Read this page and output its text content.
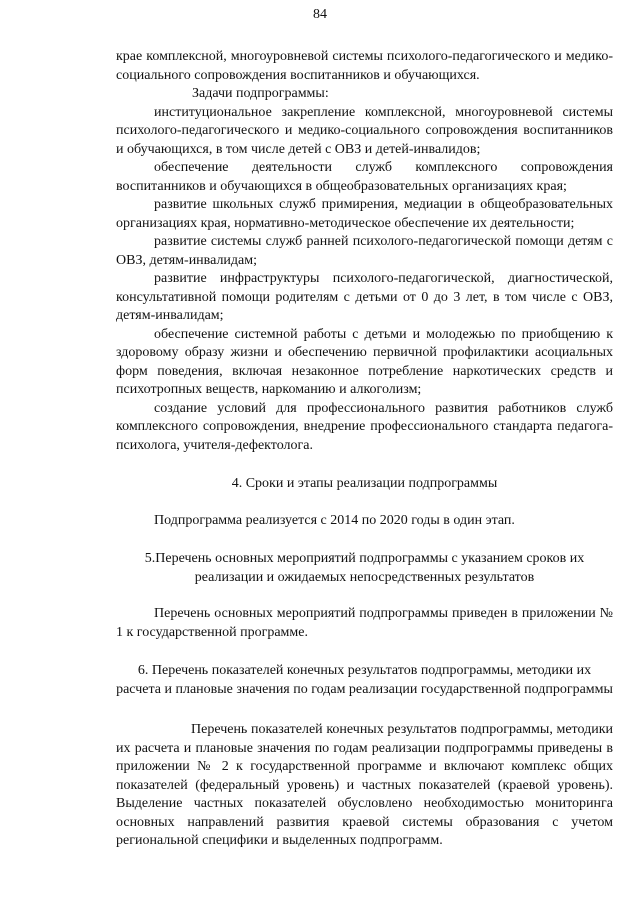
84

крае комплексной, многоуровневой системы психолого-педагогического и медико-социального сопровождения воспитанников и обучающихся.

Задачи подпрограммы:

институциональное закрепление комплексной, многоуровневой системы психолого-педагогического и медико-социального сопровождения воспитанников и обучающихся, в том числе детей с ОВЗ и детей-инвалидов;

обеспечение деятельности служб комплексного сопровождения воспитанников и обучающихся в общеобразовательных организациях края;

развитие школьных служб примирения, медиации в общеобразовательных организациях края, нормативно-методическое обеспечение их деятельности;

развитие системы служб ранней психолого-педагогической помощи детям с ОВЗ, детям-инвалидам;

развитие инфраструктуры психолого-педагогической, диагностической, консультативной помощи родителям с детьми от 0 до 3 лет, в том числе с ОВЗ, детям-инвалидам;

обеспечение системной работы с детьми и молодежью по приобщению к здоровому образу жизни и обеспечению первичной профилактики асоциальных форм поведения, включая незаконное потребление наркотических средств и психотропных веществ, наркоманию и алкоголизм;

создание условий для профессионального развития работников служб комплексного сопровождения, внедрение профессионального стандарта педагога-психолога, учителя-дефектолога.

4. Сроки и этапы реализации подпрограммы

Подпрограмма реализуется с 2014 по 2020 годы в один этап.

5.Перечень основных мероприятий подпрограммы с указанием сроков их реализации и ожидаемых непосредственных результатов

Перечень основных мероприятий подпрограммы приведен в приложении № 1 к государственной программе.

6. Перечень показателей конечных результатов подпрограммы, методики их расчета и плановые значения по годам реализации государственной подпрограммы

Перечень показателей конечных результатов подпрограммы, методики их расчета и плановые значения по годам реализации подпрограммы приведены в приложении № 2 к государственной программе и включают комплекс общих показателей (федеральный уровень) и частных показателей (краевой уровень). Выделение частных показателей обусловлено необходимостью мониторинга основных направлений развития краевой системы образования с учетом региональной специфики и выделенных подпрограмм.
